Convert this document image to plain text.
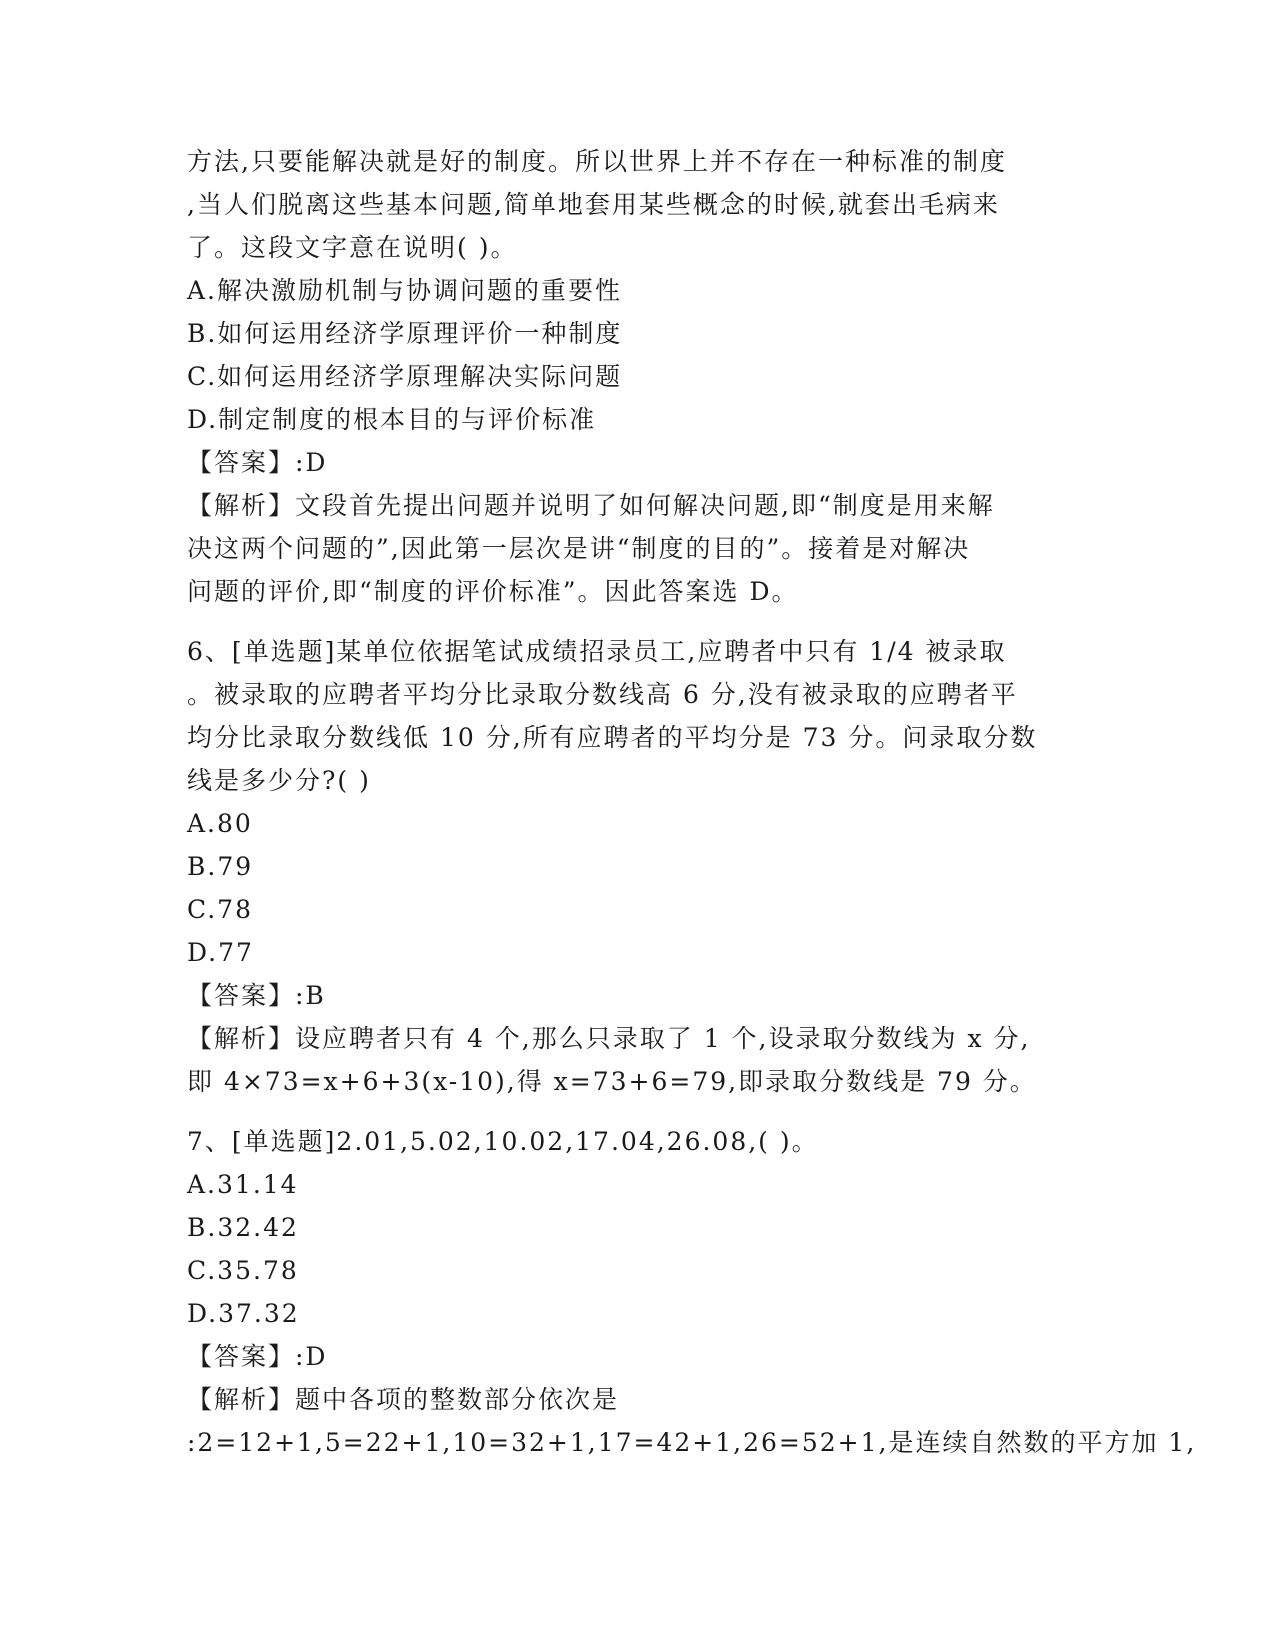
方法,只要能解决就是好的制度。所以世界上并不存在一种标准的制度
,当人们脱离这些基本问题,简单地套用某些概念的时候,就套出毛病来
了。这段文字意在说明( )。
A.解决激励机制与协调问题的重要性
B.如何运用经济学原理评价一种制度
C.如何运用经济学原理解决实际问题
D.制定制度的根本目的与评价标准
【答案】:D
【解析】文段首先提出问题并说明了如何解决问题,即“制度是用来解
决这两个问题的”,因此第一层次是讲“制度的目的”。接着是对解决
问题的评价,即“制度的评价标准”。因此答案选 D。
6、[单选题]某单位依据笔试成绩招录员工,应聘者中只有 1/4 被录取
。被录取的应聘者平均分比录取分数线高 6 分,没有被录取的应聘者平
均分比录取分数线低 10 分,所有应聘者的平均分是 73 分。问录取分数
线是多少分?( )
A.80
B.79
C.78
D.77
【答案】:B
【解析】设应聘者只有 4 个,那么只录取了 1 个,设录取分数线为 x 分,
即 4×73=x+6+3(x-10),得 x=73+6=79,即录取分数线是 79 分。
7、[单选题]2.01,5.02,10.02,17.04,26.08,( )。
A.31.14
B.32.42
C.35.78
D.37.32
【答案】:D
【解析】题中各项的整数部分依次是
:2=12+1,5=22+1,10=32+1,17=42+1,26=52+1,是连续自然数的平方加 1,
